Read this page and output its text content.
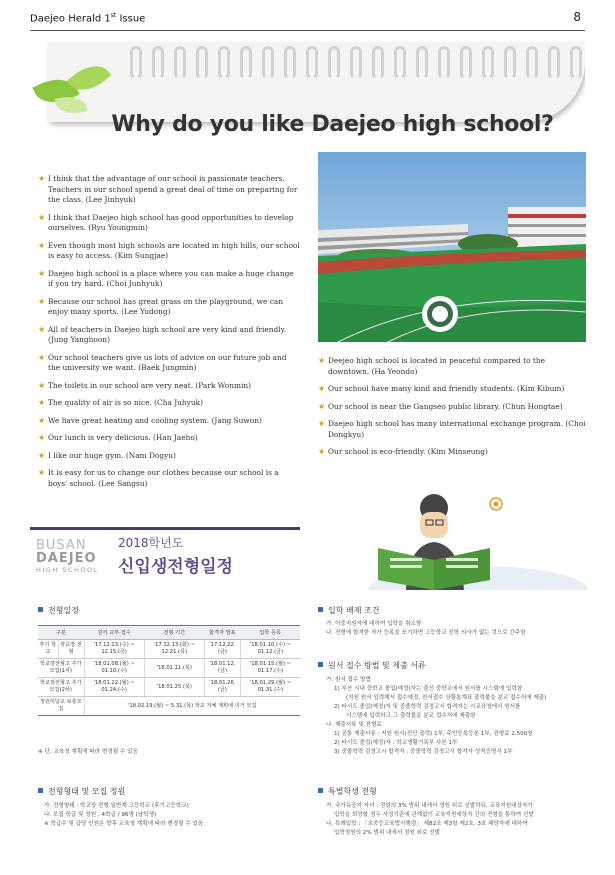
Daejeo Herald 1st Issue	8
Why do you like Daejeo high school?
★ I think that the advantage of our school is passionate teachers. Teachers in our school spend a great deal of time on preparing for the class. (Lee Jinhyuk)
★ I think that Daejeo high school has good opportunities to develop ourselves. (Ryu Youngmin)
★ Even though most high schools are located in high hills, our school is easy to access. (Kim Sungjae)
★ Daejeo high school is a place where you can make a huge change if you try hard. (Choi Junhyuk)
★ Because our school has great grass on the playground, we can enjoy many sports. (Lee Yudong)
★ All of teachers in Daejeo high school are very kind and friendly. (Jung Yanghoon)
★ Our school teachers give us lots of advice on our future job and the university we want. (Baek Jungmin)
★ The toilets in our school are very neat. (Park Wonmin)
★ The quality of air is so nice. (Cha Juhyuk)
★ We have great heating and cooling system. (Jang Suwon)
★ Our lunch is very delicious. (Han Jaeho)
★ I like our huge gym. (Nam Dogyu)
★ It is easy for us to change our clothes because our school is a boys' school. (Lee Sangsu)
★ Deejeo high school is located in peaceful compared to the downtown. (Ha Yeondo)
★ Our school have many kind and friendly students. (Kim Kibum)
★ Our school is near the Gangseo public library. (Chun Hongtae)
★ Daejeo high school has many international exchange program. (Choi Dongkyu)
★ Our school is eco-friendly. (Kim Minseung)
BUSAN
DAEJEO
HIGH SCHOOL
2018학년도
신입생전형일정
전형일정
구분		원서 교부·접수	전형 기간	합격자 발표	입학 등록
후기 학교	학교장 전형	'17.12.13.(수) ~ 12.15.(금)	'17.12.13.(화) ~ 12.21.(목)	'17.12.22.(금)	'18.01.10.(수) ~ 01.12.(금)
학교장전형고 추가모집(1차)		'18.01.08.(월) ~ 01.10.(수)	'18.01.11.(목)	'18.01.12.(금)	'18.01.15.(월) ~ 01.17.(수)
학교장전형고 추가모집(2차)		'18.01.22.(월) ~ 01.24.(수)	'18.01.25.(목)	'18.01.26.(금)	'18.01.29.(월) ~ 01.31.(수)
정원미달교 보충모집		'18.02.19.(월) ~ 5.31.(목) 학교 자체 계획에 의거 모집			
※ 단, 교육청 계획에 따라 변경될 수 있음
전형형태 및 모집 정원
가. 전형형태 : 학교장 전형 일반계 고등학교 (후기고등학교)
나. 모집 학급 및 정원 : 4학급 / 96명 (남학생)
※ 학급수 및 급당 인원은 향후 교육청 계획에 따라 변경될 수 있음
입학 배제 조건
가. 이중지원자에 대하여 입학을 취소함
나. 전형에 합격한 자가 등록을 포기하면 고등학교 진학 의사가 없는 것으로 간주함
원서 접수 방법 및 제출 서류
가. 원서 접수 방법
1) 부산 시내 중학교 졸업(예정)자는 출신 중학교에서 원서를 시스템에 입력함
(지원 원서 입력해서 접수예정, 원서접수 상황통계표 출력물을 분교 접수처에 제출)
2) 타시도 졸업(예정)자 및 중졸학력 검정고시 합격자는 시교육청에서 원서를
시스템에 입력하고 그 출력물을 분교 접수처에 제출함
나. 제출서류 및 전형료
1) 공통 제출서류 : 지원 원서(전산 출력) 1부, 주민등록등본 1부, 전형료 2,500원
2) 타시도 졸업(예정)자 : 학교생활기록부 사본 1부
3) 중졸학력 검정고시 합격자 : 중졸학력 검정고시 합격자 성적증명서 1부
특별학생 전형
가. 국가유공자 자녀 : 정원의 3% 범위 내에서 정원 외로 선발하되, 교육지원대상자가
입학을 희망할 경우 사정기준에 관계없이 교육지원대상자 간의 전형을 통하여 선발
나. 특례입학 : 「초중등교육법시행령」 제82조 제3항 제2호, 3호 해당자에 대하여
입학정원의 2% 범위 내에서 정원 외로 선발
